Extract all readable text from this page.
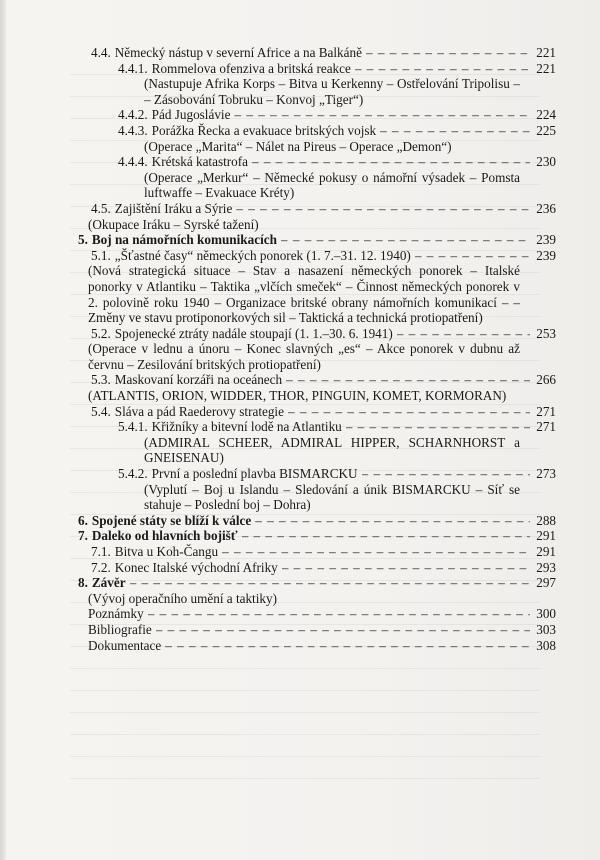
4.4. Německý nástup v severní Africe a na Balkáně – – –	221
4.4.1. Rommelova ofenziva a britská reakce – – –	221
(Nastupuje Afrika Korps – Bitva u Kerkenny – Ostřelování Tripolisu – – Zásobování Tobruku – Konvoj „Tiger“)
4.4.2. Pád Jugoslávie – – –	224
4.4.3. Porážka Řecka a evakuace britských vojsk – – –	225
(Operace „Marita“ – Nálet na Pireus – Operace „Demon“)
4.4.4. Krétská katastrofa – – –	230
(Operace „Merkur“ – Německé pokusy o námořní výsadek – Pomsta luftwaffe – Evakuace Kréty)
4.5. Zajištění Iráku a Sýrie – – –	236
(Okupace Iráku – Syrské tažení)
5. Boj na námořních komunikacích – – –	239
5.1. „Šťastné časy“ německých ponorek (1. 7.–31. 12. 1940) – – –	239
(Nová strategická situace – Stav a nasazení německých ponorek – Italské ponorky v Atlantiku – Taktika „vlčích smeček“ – Činnost německých ponorek v 2. polovině roku 1940 – Organizace britské obrany námořních komunikací – – Změny ve stavu protiponorkových sil – Taktická a technická protiopatření)
5.2. Spojenecké ztráty nadále stoupají (1. 1.–30. 6. 1941) – – –	253
(Operace v lednu a únoru – Konec slavných „es“ – Akce ponorek v dubnu až červnu – Zesilování britských protiopatření)
5.3. Maskovaní korzáři na oceánech – – –	266
(ATLANTIS, ORION, WIDDER, THOR, PINGUIN, KOMET, KORMORAN)
5.4. Sláva a pád Raederovy strategie – – –	271
5.4.1. Křižníky a bitevní lodě na Atlantiku – – –	271
(ADMIRAL SCHEER, ADMIRAL HIPPER, SCHARNHORST a GNEISENAU)
5.4.2. První a poslední plavba BISMARCKU – – –	273
(Vyplutí – Boj u Islandu – Sledování a únik BISMARCKU – Síť se stahuje – Poslední boj – Dohra)
6. Spojené státy se blíží k válce – – –	288
7. Daleko od hlavních bojišť – – –	291
7.1. Bitva u Koh-Čangu – – –	291
7.2. Konec Italské východní Afriky – – –	293
8. Závěr – – –	297
(Vývoj operačního umění a taktiky)
Poznámky – – –	300
Bibliografie – – –	303
Dokumentace – – –	308
